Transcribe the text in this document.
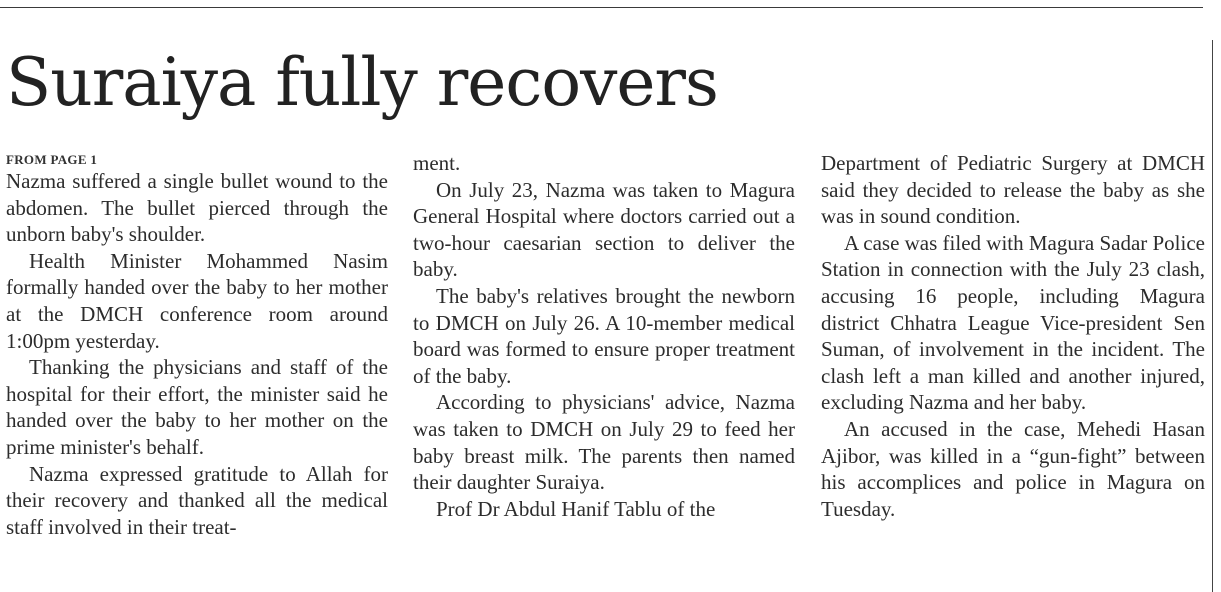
Suraiya fully recovers
FROM PAGE 1

Nazma suffered a single bullet wound to the abdomen. The bullet pierced through the unborn baby's shoulder.

Health Minister Mohammed Nasim formally handed over the baby to her mother at the DMCH conference room around 1:00pm yesterday.

Thanking the physicians and staff of the hospital for their effort, the minister said he handed over the baby to her mother on the prime minister's behalf.

Nazma expressed gratitude to Allah for their recovery and thanked all the medical staff involved in their treat-

ment.

On July 23, Nazma was taken to Magura General Hospital where doctors carried out a two-hour caesarian section to deliver the baby.

The baby's relatives brought the newborn to DMCH on July 26. A 10-member medical board was formed to ensure proper treatment of the baby.

According to physicians' advice, Nazma was taken to DMCH on July 29 to feed her baby breast milk. The parents then named their daughter Suraiya.

Prof Dr Abdul Hanif Tablu of the

Department of Pediatric Surgery at DMCH said they decided to release the baby as she was in sound condition.

A case was filed with Magura Sadar Police Station in connection with the July 23 clash, accusing 16 people, including Magura district Chhatra League Vice-president Sen Suman, of involvement in the incident. The clash left a man killed and another injured, excluding Nazma and her baby.

An accused in the case, Mehedi Hasan Ajibor, was killed in a “gun-fight” between his accomplices and police in Magura on Tuesday.
